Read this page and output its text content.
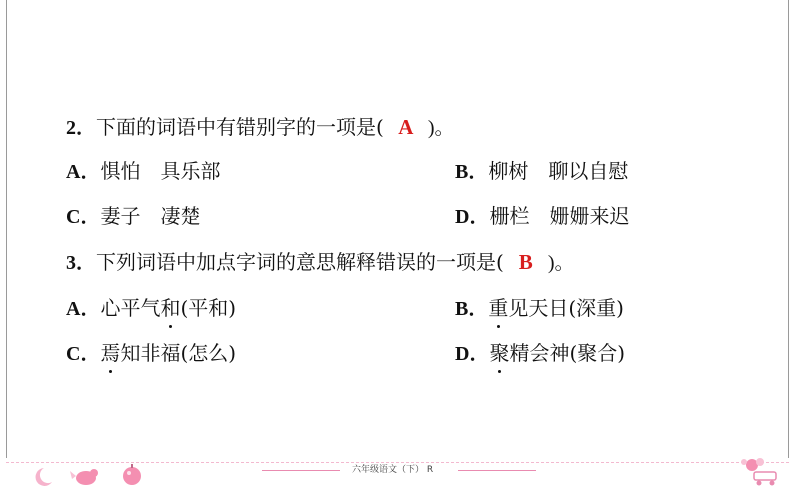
2．下面的词语中有错别字的一项是( A )。
A．惧怕　具乐部	B．柳树　聊以自慰
C．妻子　凄楚	D．栅栏　姗姗来迟
3．下列词语中加点字词的意思解释错误的一项是( B )。
A．心平气和(平和)	B．重见天日(深重)
C．焉知非福(怎么)	D．聚精会神(聚合)
六年级语文（下） R
